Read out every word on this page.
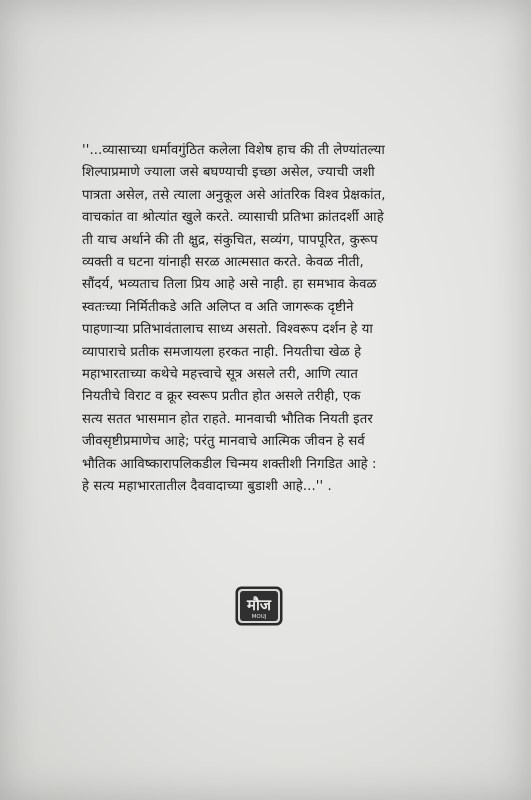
''...व्यासाच्या धर्मावगुंठित कलेला विशेष हाच की ती लेण्यांतल्या
शिल्पाप्रमाणे ज्याला जसे बघण्याची इच्छा असेल, ज्याची जशी
पात्रता असेल, तसे त्याला अनुकूल असे आंतरिक विश्व प्रेक्षकांत,
वाचकांत वा श्रोत्यांत खुले करते. व्यासाची प्रतिभा क्रांतदर्शी आहे
ती याच अर्थाने की ती क्षुद्र, संकुचित, सव्यंग, पापपूरित, कुरूप
व्यक्ती व घटना यांनाही सरळ आत्मसात करते. केवळ नीती,
सौंदर्य, भव्यताच तिला प्रिय आहे असे नाही. हा समभाव केवळ
स्वतःच्या निर्मितीकडे अति अलिप्त व अति जागरूक दृष्टीने
पाहणाऱ्या प्रतिभावंतालाच साध्य असतो. विश्वरूप दर्शन हे या
व्यापाराचे प्रतीक समजायला हरकत नाही. नियतीचा खेळ हे
महाभारताच्या कथेचे महत्त्वाचे सूत्र असले तरी, आणि त्यात
नियतीचे विराट व क्रूर स्वरूप प्रतीत होत असले तरीही, एक
सत्य सतत भासमान होत राहते. मानवाची भौतिक नियती इतर
जीवसृष्टीप्रमाणेच आहे; परंतु मानवाचे आत्मिक जीवन हे सर्व
भौतिक आविष्कारापलिकडील चिन्मय शक्तीशी निगडित आहे :
हे सत्य महाभारतातील दैववादाच्या बुडाशी आहे...'' .
मौज
MOUJ
